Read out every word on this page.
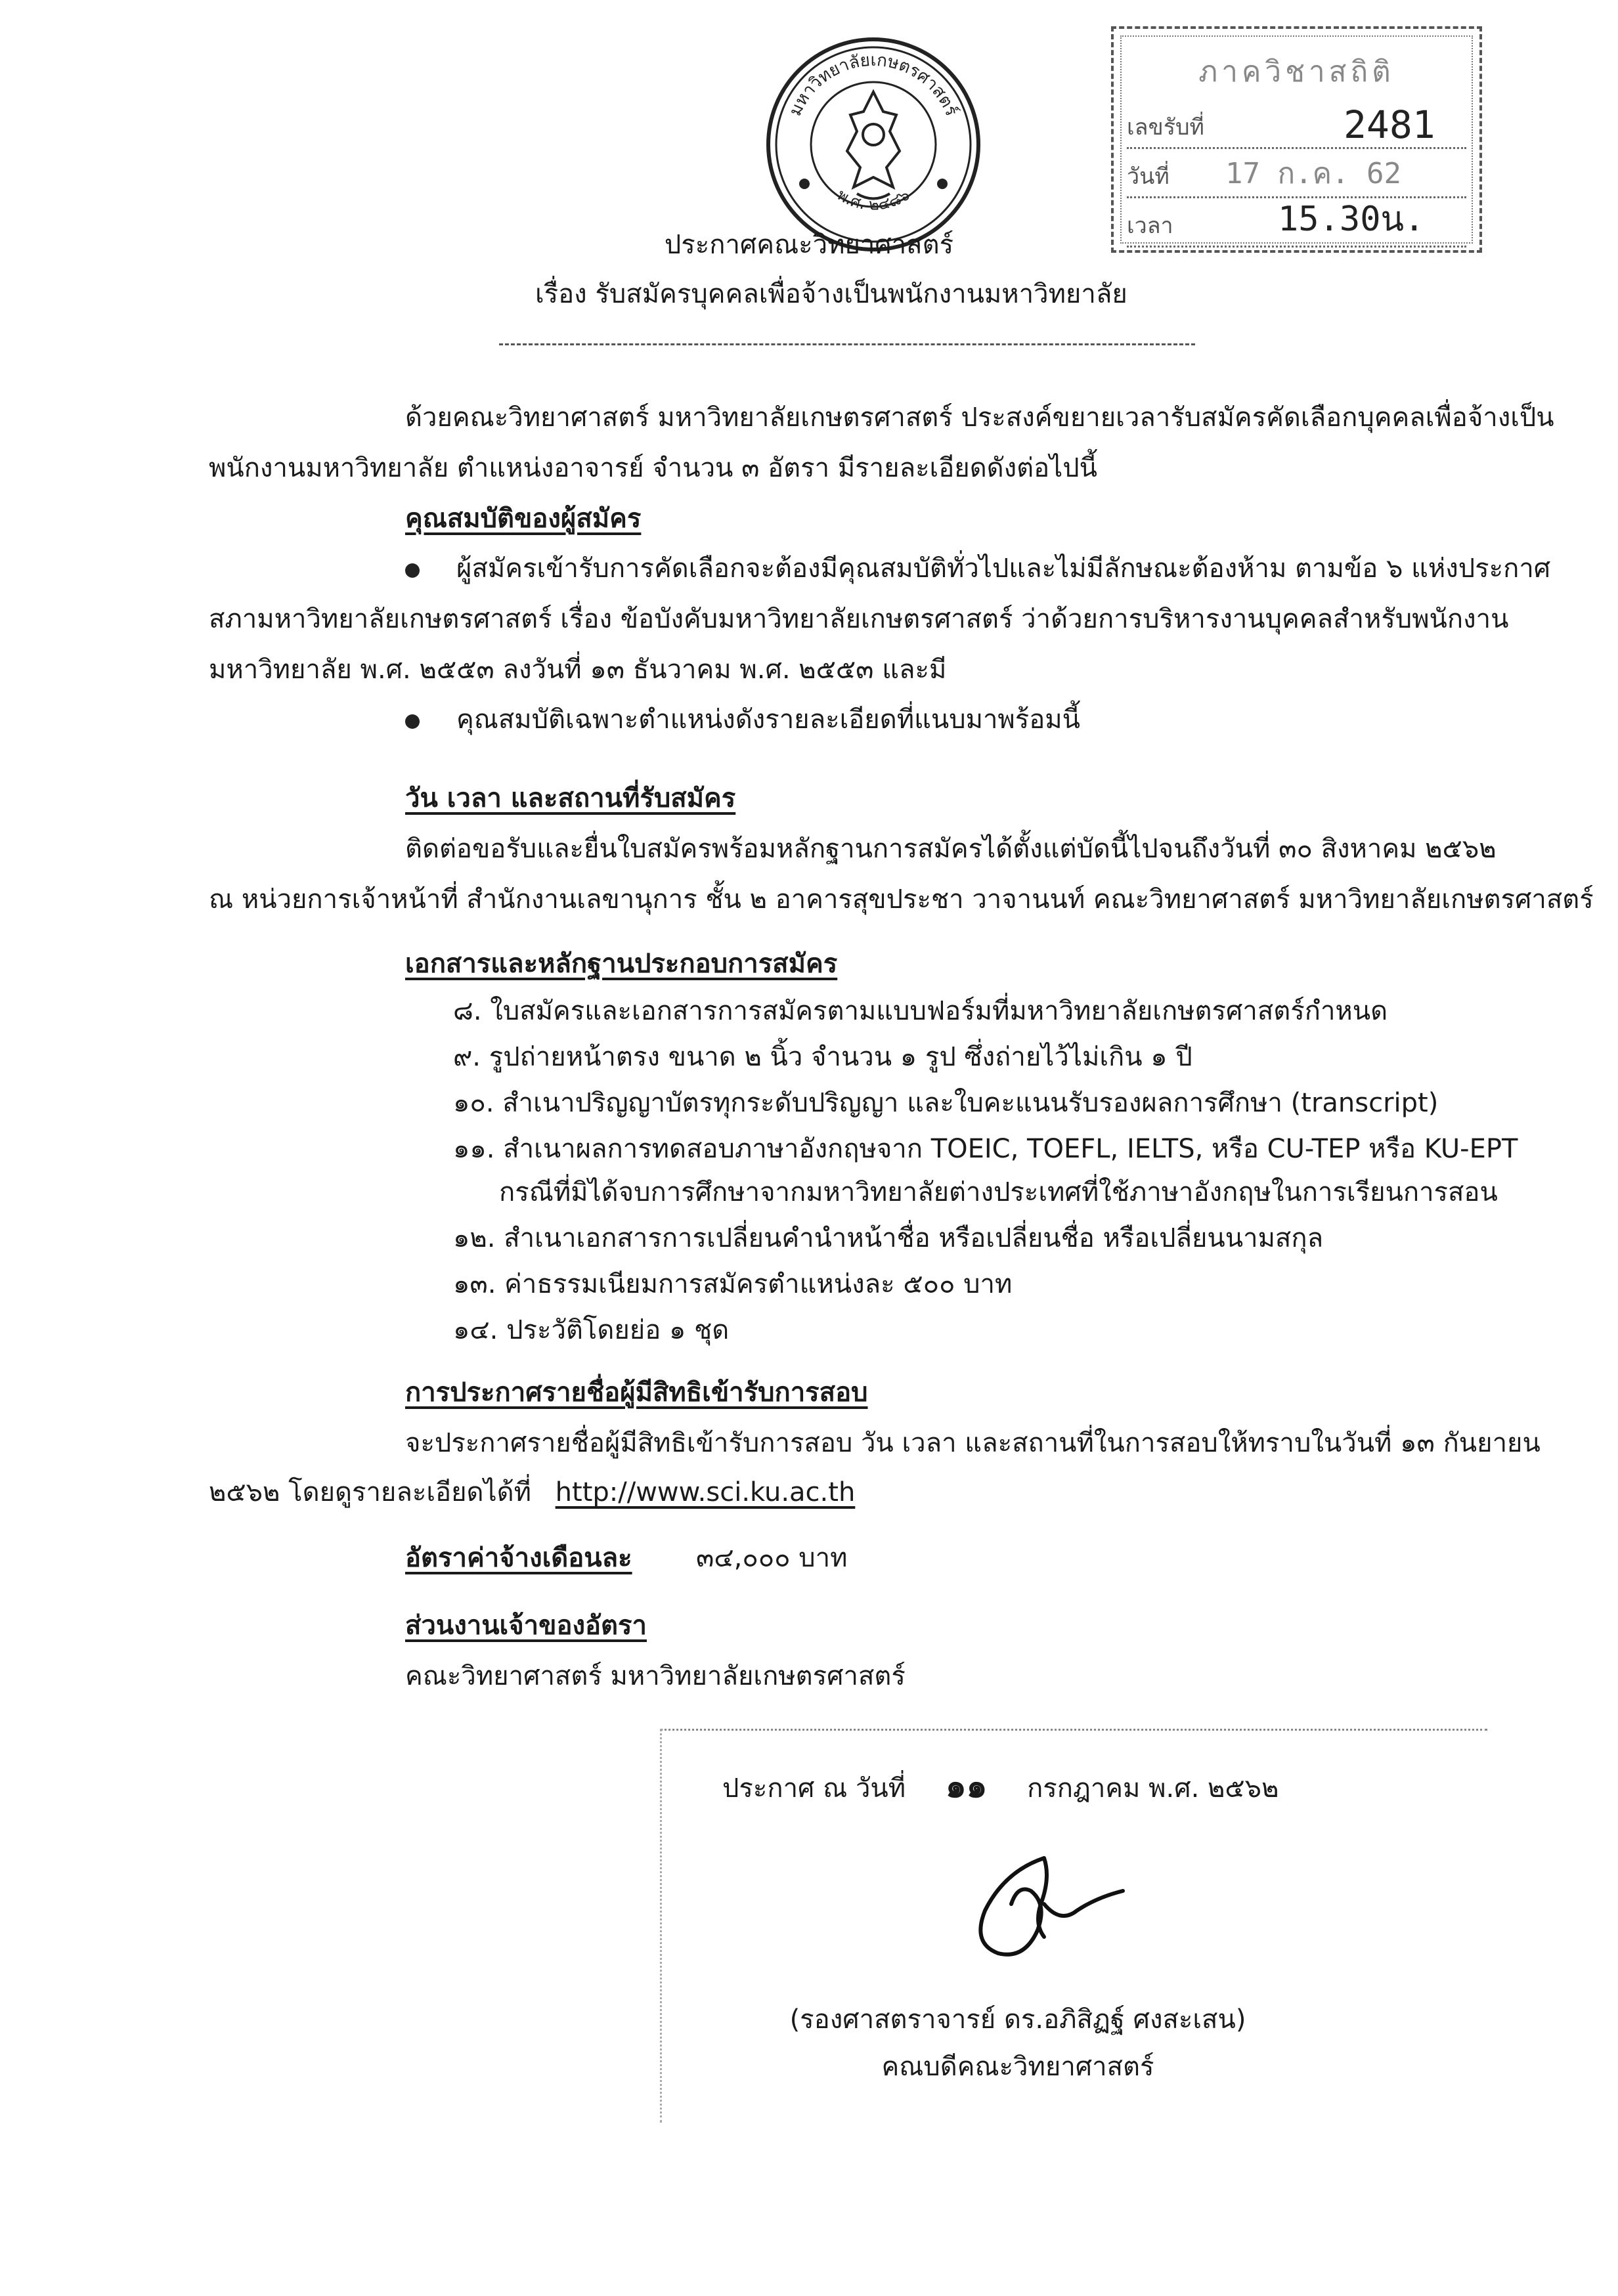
มหาวิทยาลัยเกษตรศาสตร์
พ.ศ. ๒๔๘๖
ภาควิชาสถิติ
เลขรับที่	2481
วันที่ 17 ก.ค. 62
เวลา	15.30น.
ประกาศคณะวิทยาศาสตร์
เรื่อง รับสมัครบุคคลเพื่อจ้างเป็นพนักงานมหาวิทยาลัย
ด้วยคณะวิทยาศาสตร์ มหาวิทยาลัยเกษตรศาสตร์ ประสงค์ขยายเวลารับสมัครคัดเลือกบุคคลเพื่อจ้างเป็น
พนักงานมหาวิทยาลัย ตำแหน่งอาจารย์ จำนวน ๓ อัตรา มีรายละเอียดดังต่อไปนี้
คุณสมบัติของผู้สมัคร
ผู้สมัครเข้ารับการคัดเลือกจะต้องมีคุณสมบัติทั่วไปและไม่มีลักษณะต้องห้าม ตามข้อ ๖ แห่งประกาศ
สภามหาวิทยาลัยเกษตรศาสตร์ เรื่อง ข้อบังคับมหาวิทยาลัยเกษตรศาสตร์ ว่าด้วยการบริหารงานบุคคลสำหรับพนักงาน
มหาวิทยาลัย พ.ศ. ๒๕๕๓ ลงวันที่ ๑๓ ธันวาคม พ.ศ. ๒๕๕๓ และมี
คุณสมบัติเฉพาะตำแหน่งดังรายละเอียดที่แนบมาพร้อมนี้
วัน เวลา และสถานที่รับสมัคร
ติดต่อขอรับและยื่นใบสมัครพร้อมหลักฐานการสมัครได้ตั้งแต่บัดนี้ไปจนถึงวันที่ ๓๐ สิงหาคม ๒๕๖๒
ณ หน่วยการเจ้าหน้าที่ สำนักงานเลขานุการ ชั้น ๒ อาคารสุขประชา วาจานนท์ คณะวิทยาศาสตร์ มหาวิทยาลัยเกษตรศาสตร์
เอกสารและหลักฐานประกอบการสมัคร
๘. ใบสมัครและเอกสารการสมัครตามแบบฟอร์มที่มหาวิทยาลัยเกษตรศาสตร์กำหนด
๙. รูปถ่ายหน้าตรง ขนาด ๒ นิ้ว จำนวน ๑ รูป ซึ่งถ่ายไว้ไม่เกิน ๑ ปี
๑๐. สำเนาปริญญาบัตรทุกระดับปริญญา และใบคะแนนรับรองผลการศึกษา (transcript)
๑๑. สำเนาผลการทดสอบภาษาอังกฤษจาก TOEIC, TOEFL, IELTS, หรือ CU-TEP หรือ KU-EPT
กรณีที่มิได้จบการศึกษาจากมหาวิทยาลัยต่างประเทศที่ใช้ภาษาอังกฤษในการเรียนการสอน
๑๒. สำเนาเอกสารการเปลี่ยนคำนำหน้าชื่อ หรือเปลี่ยนชื่อ หรือเปลี่ยนนามสกุล
๑๓. ค่าธรรมเนียมการสมัครตำแหน่งละ ๕๐๐ บาท
๑๔. ประวัติโดยย่อ ๑ ชุด
การประกาศรายชื่อผู้มีสิทธิเข้ารับการสอบ
จะประกาศรายชื่อผู้มีสิทธิเข้ารับการสอบ วัน เวลา และสถานที่ในการสอบให้ทราบในวันที่ ๑๓ กันยายน
๒๕๖๒ โดยดูรายละเอียดได้ที่ http://www.sci.ku.ac.th
อัตราค่าจ้างเดือนละ ๓๔,๐๐๐ บาท
ส่วนงานเจ้าของอัตรา
คณะวิทยาศาสตร์ มหาวิทยาลัยเกษตรศาสตร์
ประกาศ ณ วันที่ ๑๑ กรกฎาคม พ.ศ. ๒๕๖๒
(รองศาสตราจารย์ ดร.อภิสิฏฐ์ ศงสะเสน)
คณบดีคณะวิทยาศาสตร์
